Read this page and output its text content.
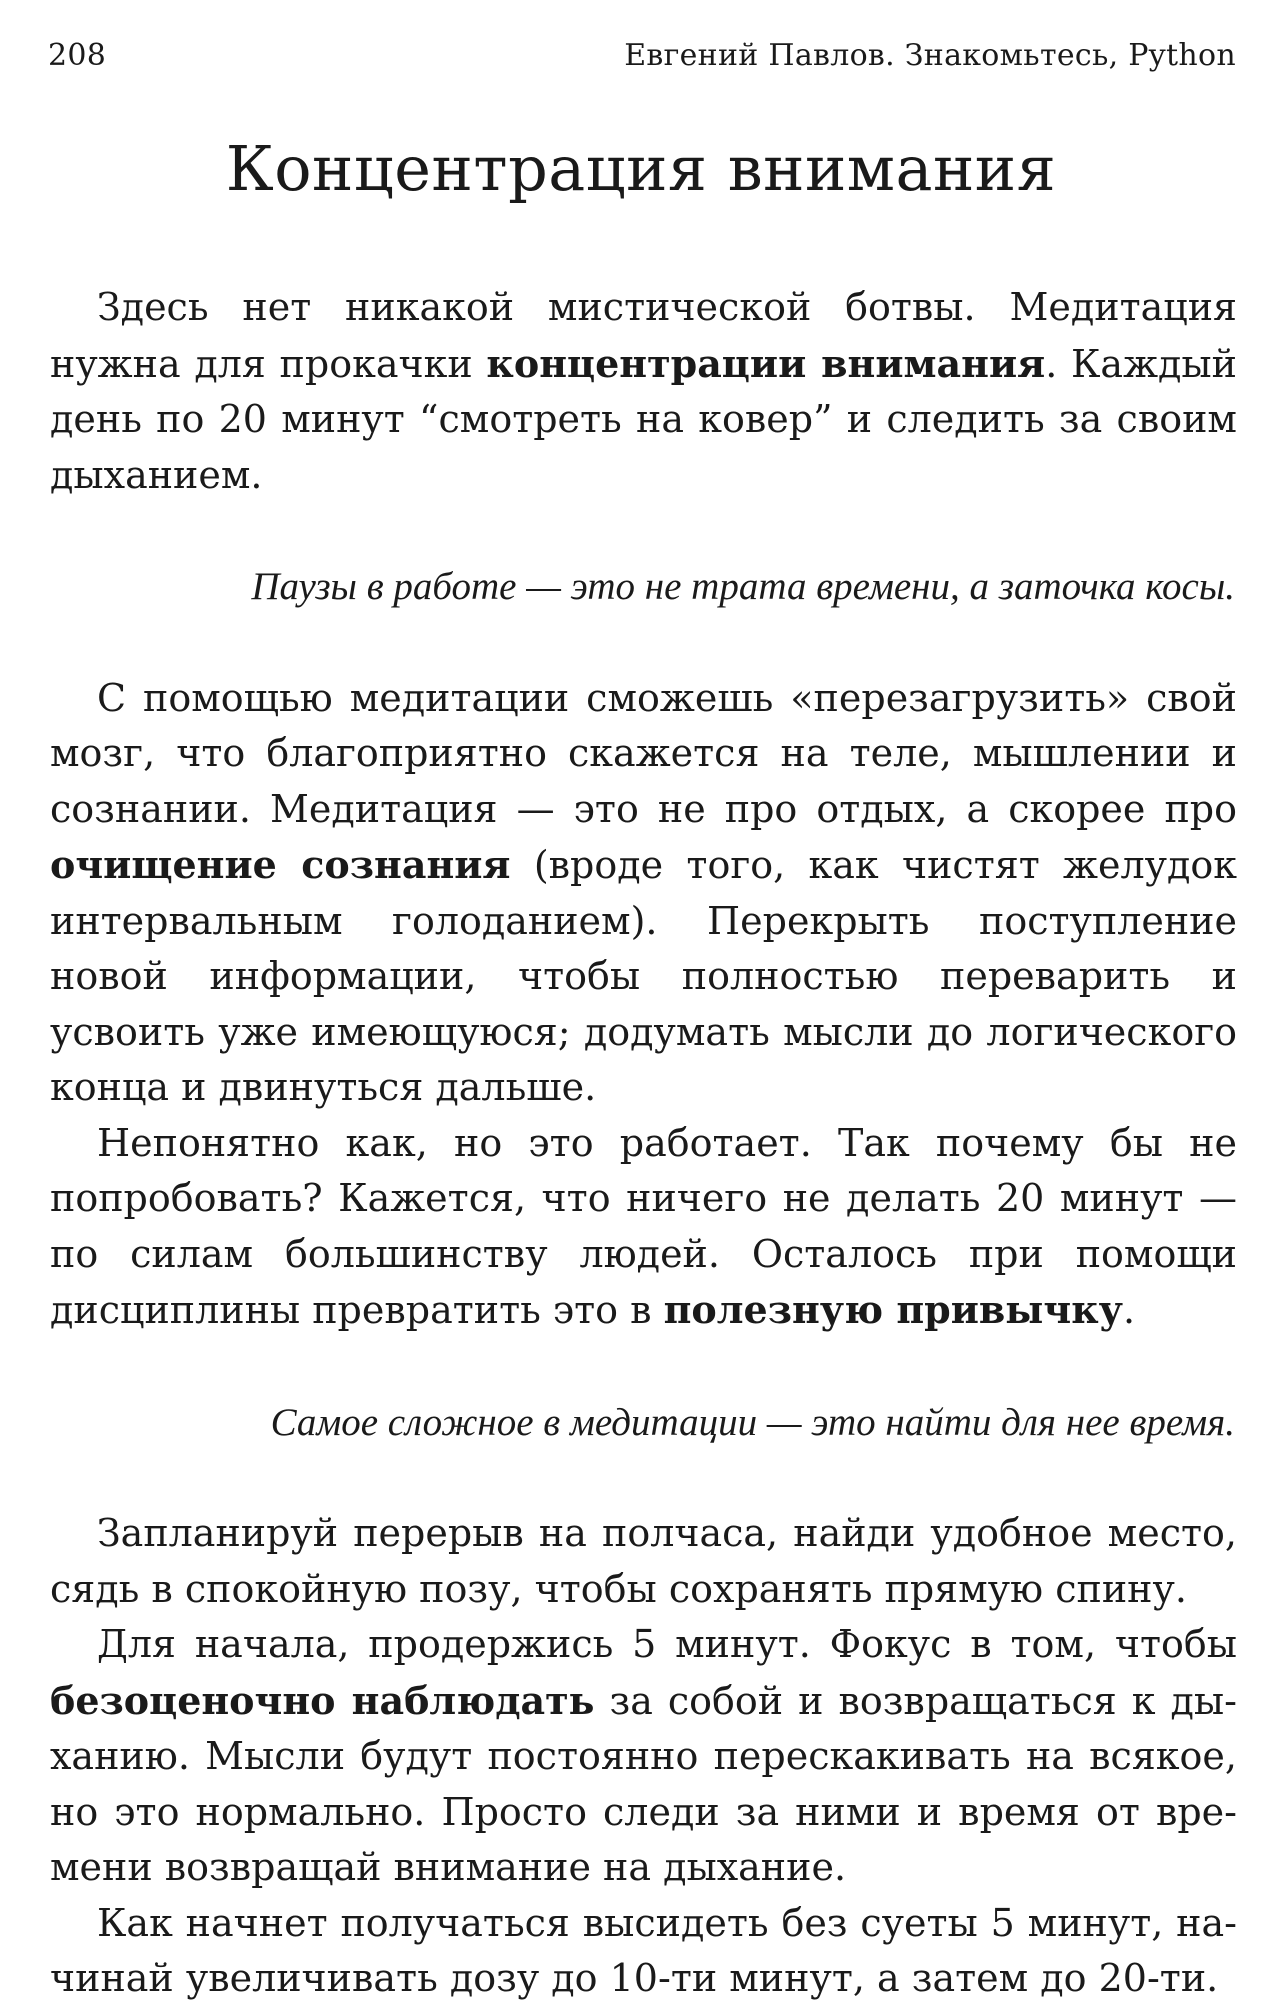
208	Евгений Павлов. Знакомьтесь, Python
Концентрация внимания

Здесь нет никакой мистической ботвы. Медитация нужна для прокачки концентрации внимания. Каждый день по 20 минут “смотреть на ковер” и следить за своим дыханием.

Паузы в работе — это не трата времени, а заточка косы.

С помощью медитации сможешь «перезагрузить» свой мозг, что благоприятно скажется на теле, мышлении и сознании. Медитация — это не про отдых, а скорее про очищение сознания (вроде того, как чистят желудок интервальным голоданием). Перекрыть поступление новой информации, чтобы полностью переварить и усвоить уже имеющуюся; додумать мысли до логического конца и двинуться дальше.

Непонятно как, но это работает. Так почему бы не попробовать? Кажется, что ничего не делать 20 минут — по силам большинству людей. Осталось при помощи дисциплины превратить это в полезную привычку.

Самое сложное в медитации — это найти для нее время.

Запланируй перерыв на полчаса, найди удобное место, сядь в спокойную позу, чтобы сохранять прямую спину.

Для начала, продержись 5 минут. Фокус в том, чтобы безоценочно наблюдать за собой и возвращаться к дыханию. Мысли будут постоянно перескакивать на всякое, но это нормально. Просто следи за ними и время от времени возвращай внимание на дыхание.

Как начнет получаться высидеть без суеты 5 минут, начинай увеличивать дозу до 10-ти минут, а затем до 20-ти.
